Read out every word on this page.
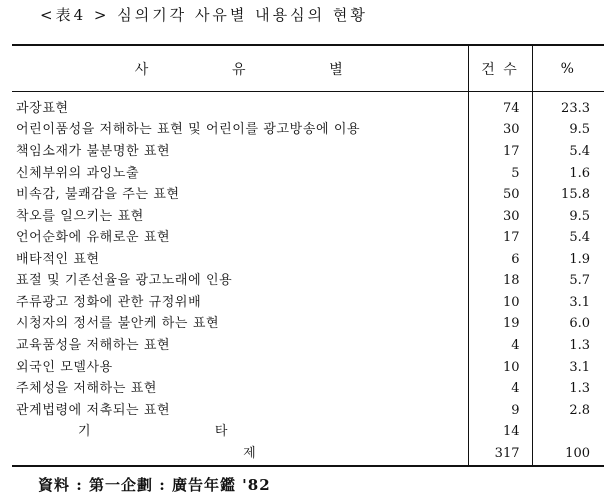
<表4 > 심의기각 사유별 내용심의 현황
사 유 별	건 수	%
과장표현	74	23.3
어린이품성을 저해하는 표현 및 어린이를 광고방송에 이용	30	9.5
책임소재가 불분명한 표현	17	5.4
신체부위의 과잉노출	5	1.6
비속감, 불쾌감을 주는 표현	50	15.8
착오를 일으키는 표현	30	9.5
언어순화에 유해로운 표현	17	5.4
배타적인 표현	6	1.9
표절 및 기존선율을 광고노래에 인용	18	5.7
주류광고 정화에 관한 규정위배	10	3.1
시청자의 정서를 불안케 하는 표현	19	6.0
교육품성을 저해하는 표현	4	1.3
외국인 모델사용	10	3.1
주체성을 저해하는 표현	4	1.3
관계법령에 저촉되는 표현	9	2.8

기 타	14	

제	317	100
資料 : 第一企劃 : 廣告年鑑 '82
